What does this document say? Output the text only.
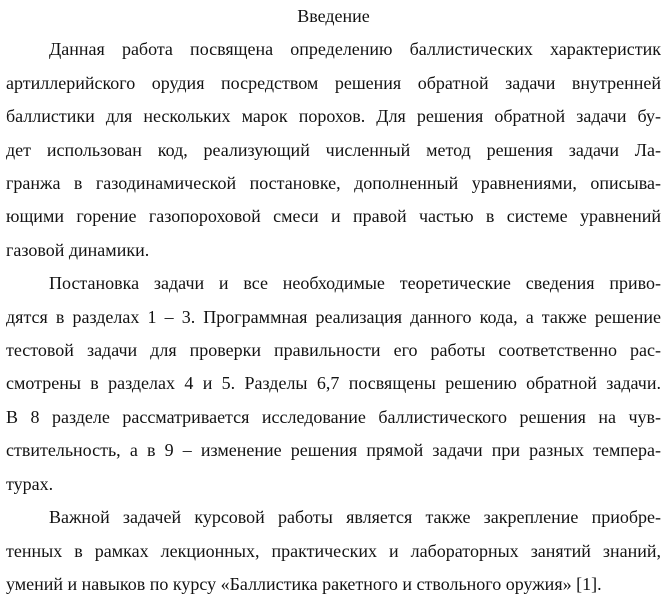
Введение
Данная работа посвящена определению баллистических характеристик
артиллерийского орудия посредством решения обратной задачи внутренней
баллистики для нескольких марок порохов. Для решения обратной задачи бу-
дет использован код, реализующий численный метод решения задачи Ла-
гранжа в газодинамической постановке, дополненный уравнениями, описыва-
ющими горение газопороховой смеси и правой частью в системе уравнений
газовой динамики.
Постановка задачи и все необходимые теоретические сведения приво-
дятся в разделах 1 – 3. Программная реализация данного кода, а также решение
тестовой задачи для проверки правильности его работы соответственно рас-
смотрены в разделах 4 и 5. Разделы 6,7 посвящены решению обратной задачи.
В 8 разделе рассматривается исследование баллистического решения на чув-
ствительность, а в 9 – изменение решения прямой задачи при разных темпера-
турах.
Важной задачей курсовой работы является также закрепление приобре-
тенных в рамках лекционных, практических и лабораторных занятий знаний,
умений и навыков по курсу «Баллистика ракетного и ствольного оружия» [1].
